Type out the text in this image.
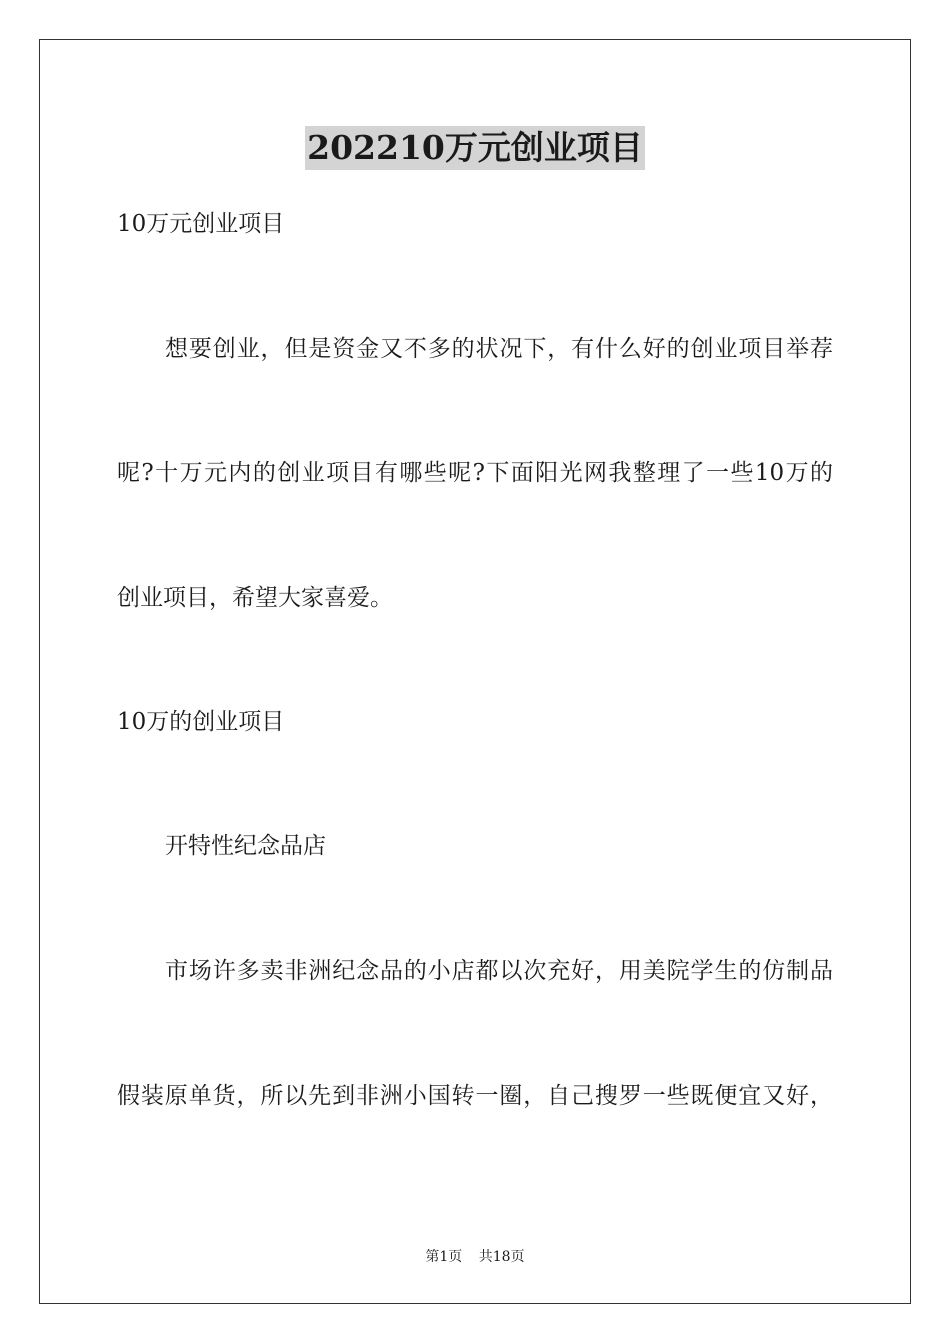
202210万元创业项目
10万元创业项目
想要创业，但是资金又不多的状况下，有什么好的创业项目举荐
呢?十万元内的创业项目有哪些呢?下面阳光网我整理了一些10万的
创业项目，希望大家喜爱。
10万的创业项目
开特性纪念品店
市场许多卖非洲纪念品的小店都以次充好，用美院学生的仿制品
假装原单货，所以先到非洲小国转一圈，自己搜罗一些既便宜又好，
第1页 共18页
